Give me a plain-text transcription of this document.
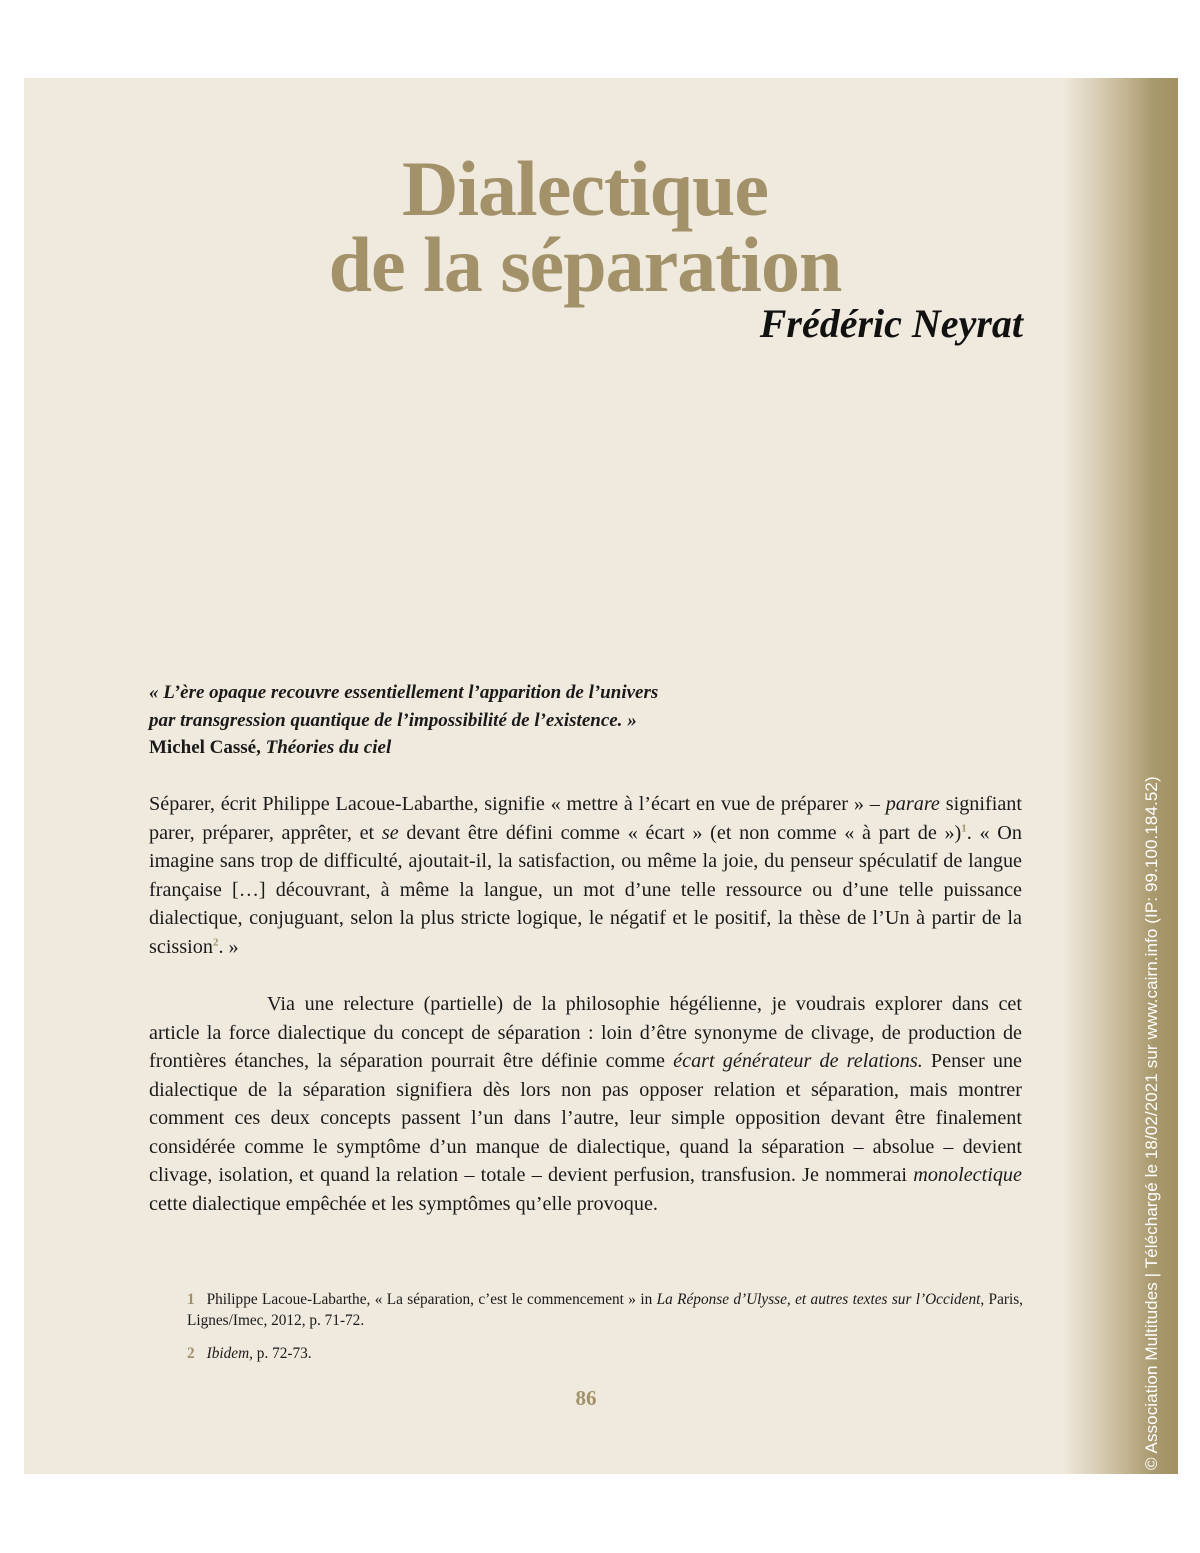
© Association Multitudes | Téléchargé le 18/02/2021 sur www.cairn.info (IP: 99.100.184.52)
Dialectique
de la séparation

Frédéric Neyrat

« L’ère opaque recouvre essentiellement l’apparition de l’univers
par transgression quantique de l’impossibilité de l’existence. »
Michel Cassé, Théories du ciel

Séparer, écrit Philippe Lacoue-Labarthe, signifie « mettre à l’écart en vue de préparer » – parare signifiant parer, préparer, apprêter, et se devant être défini comme « écart » (et non comme « à part de »)$^1$. « On imagine sans trop de difficulté, ajoutait-il, la satisfaction, ou même la joie, du penseur spéculatif de langue française […] découvrant, à même la langue, un mot d’une telle ressource ou d’une telle puissance dialectique, conjuguant, selon la plus stricte logique, le négatif et le positif, la thèse de l’Un à partir de la scission$^2$. »

Via une relecture (partielle) de la philosophie hégélienne, je voudrais explorer dans cet article la force dialectique du concept de séparation : loin d’être synonyme de clivage, de production de frontières étanches, la séparation pourrait être définie comme écart générateur de relations. Penser une dialectique de la séparation signifiera dès lors non pas opposer relation et séparation, mais montrer comment ces deux concepts passent l’un dans l’autre, leur simple opposition devant être finalement considérée comme le symptôme d’un manque de dialectique, quand la séparation – absolue – devient clivage, isolation, et quand la relation – totale – devient perfusion, transfusion. Je nommerai monolectique cette dialectique empêchée et les symptômes qu’elle provoque.

1 Philippe Lacoue-Labarthe, « La séparation, c’est le commencement » in La Réponse d’Ulysse, et autres textes sur l’Occident, Paris, Lignes/Imec, 2012, p. 71-72.

2 Ibidem, p. 72-73.

86
